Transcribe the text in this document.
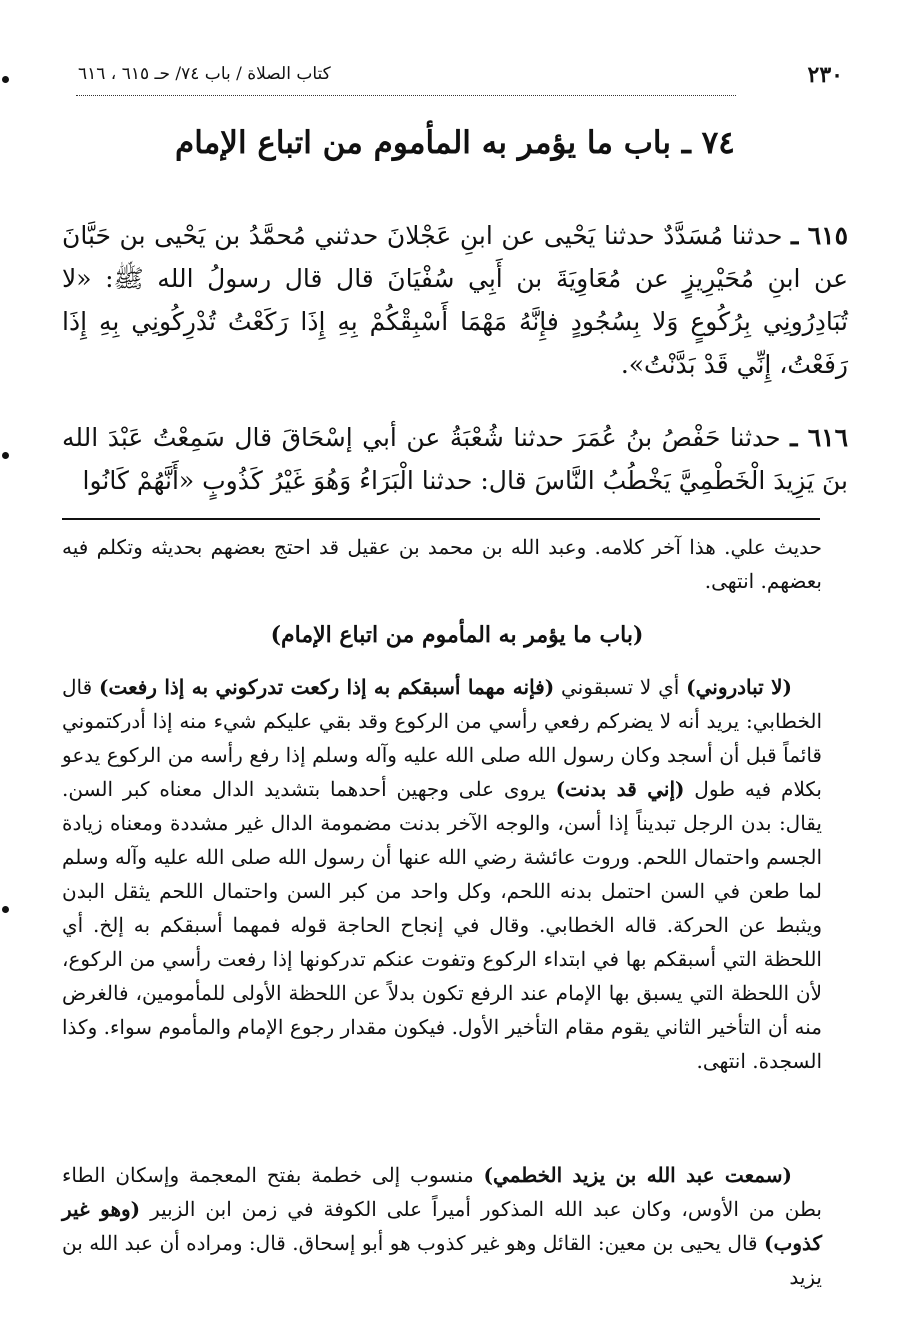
٢٣٠
كتاب الصلاة / باب ٧٤/ حـ ٦١٥ ، ٦١٦
٧٤ ـ باب ما يؤمر به المأموم من اتباع الإمام

٦١٥ ـ حدثنا مُسَدَّدٌ حدثنا يَحْيى عن ابنِ عَجْلانَ حدثني مُحمَّدُ بن يَحْيى بن حَبَّانَ عن ابنِ مُحَيْرِيزٍ عن مُعَاوِيَةَ بن أَبِي سُفْيَانَ قال قال رسولُ الله ﷺ: «لا تُبَادِرُونِي بِرُكُوعٍ وَلا بِسُجُودٍ فإِنَّهُ مَهْمَا أَسْبِقْكُمْ بِهِ إِذَا رَكَعْتُ تُدْرِكُونِي بِهِ إِذَا رَفَعْتُ، إِنِّي قَدْ بَدَّنْتُ».

٦١٦ ـ حدثنا حَفْصُ بنُ عُمَرَ حدثنا شُعْبَةُ عن أبي إسْحَاقَ قال سَمِعْتُ عَبْدَ الله بنَ يَزِيدَ الْخَطْمِيَّ يَخْطُبُ النَّاسَ قال: حدثنا الْبَرَاءُ وَهُوَ غَيْرُ كَذُوبٍ «أَنَّهُمْ كَانُوا

حديث علي. هذا آخر كلامه. وعبد الله بن محمد بن عقيل قد احتج بعضهم بحديثه وتكلم فيه بعضهم. انتهى.

(باب ما يؤمر به المأموم من اتباع الإمام)

(لا تبادروني) أي لا تسبقوني (فإنه مهما أسبقكم به إذا ركعت تدركوني به إذا رفعت) قال الخطابي: يريد أنه لا يضركم رفعي رأسي من الركوع وقد بقي عليكم شيء منه إذا أدركتموني قائماً قبل أن أسجد وكان رسول الله صلى الله عليه وآله وسلم إذا رفع رأسه من الركوع يدعو بكلام فيه طول (إني قد بدنت) يروى على وجهين أحدهما بتشديد الدال معناه كبر السن. يقال: بدن الرجل تبديناً إذا أسن، والوجه الآخر بدنت مضمومة الدال غير مشددة ومعناه زيادة الجسم واحتمال اللحم. وروت عائشة رضي الله عنها أن رسول الله صلى الله عليه وآله وسلم لما طعن في السن احتمل بدنه اللحم، وكل واحد من كبر السن واحتمال اللحم يثقل البدن ويثبط عن الحركة. قاله الخطابي. وقال في إنجاح الحاجة قوله فمهما أسبقكم به إلخ. أي اللحظة التي أسبقكم بها في ابتداء الركوع وتفوت عنكم تدركونها إذا رفعت رأسي من الركوع، لأن اللحظة التي يسبق بها الإمام عند الرفع تكون بدلاً عن اللحظة الأولى للمأمومين، فالغرض منه أن التأخير الثاني يقوم مقام التأخير الأول. فيكون مقدار رجوع الإمام والمأموم سواء. وكذا السجدة. انتهى.

(سمعت عبد الله بن يزيد الخطمي) منسوب إلى خطمة بفتح المعجمة وإسكان الطاء بطن من الأوس، وكان عبد الله المذكور أميراً على الكوفة في زمن ابن الزبير (وهو غير كذوب) قال يحيى بن معين: القائل وهو غير كذوب هو أبو إسحاق. قال: ومراده أن عبد الله بن يزيد
